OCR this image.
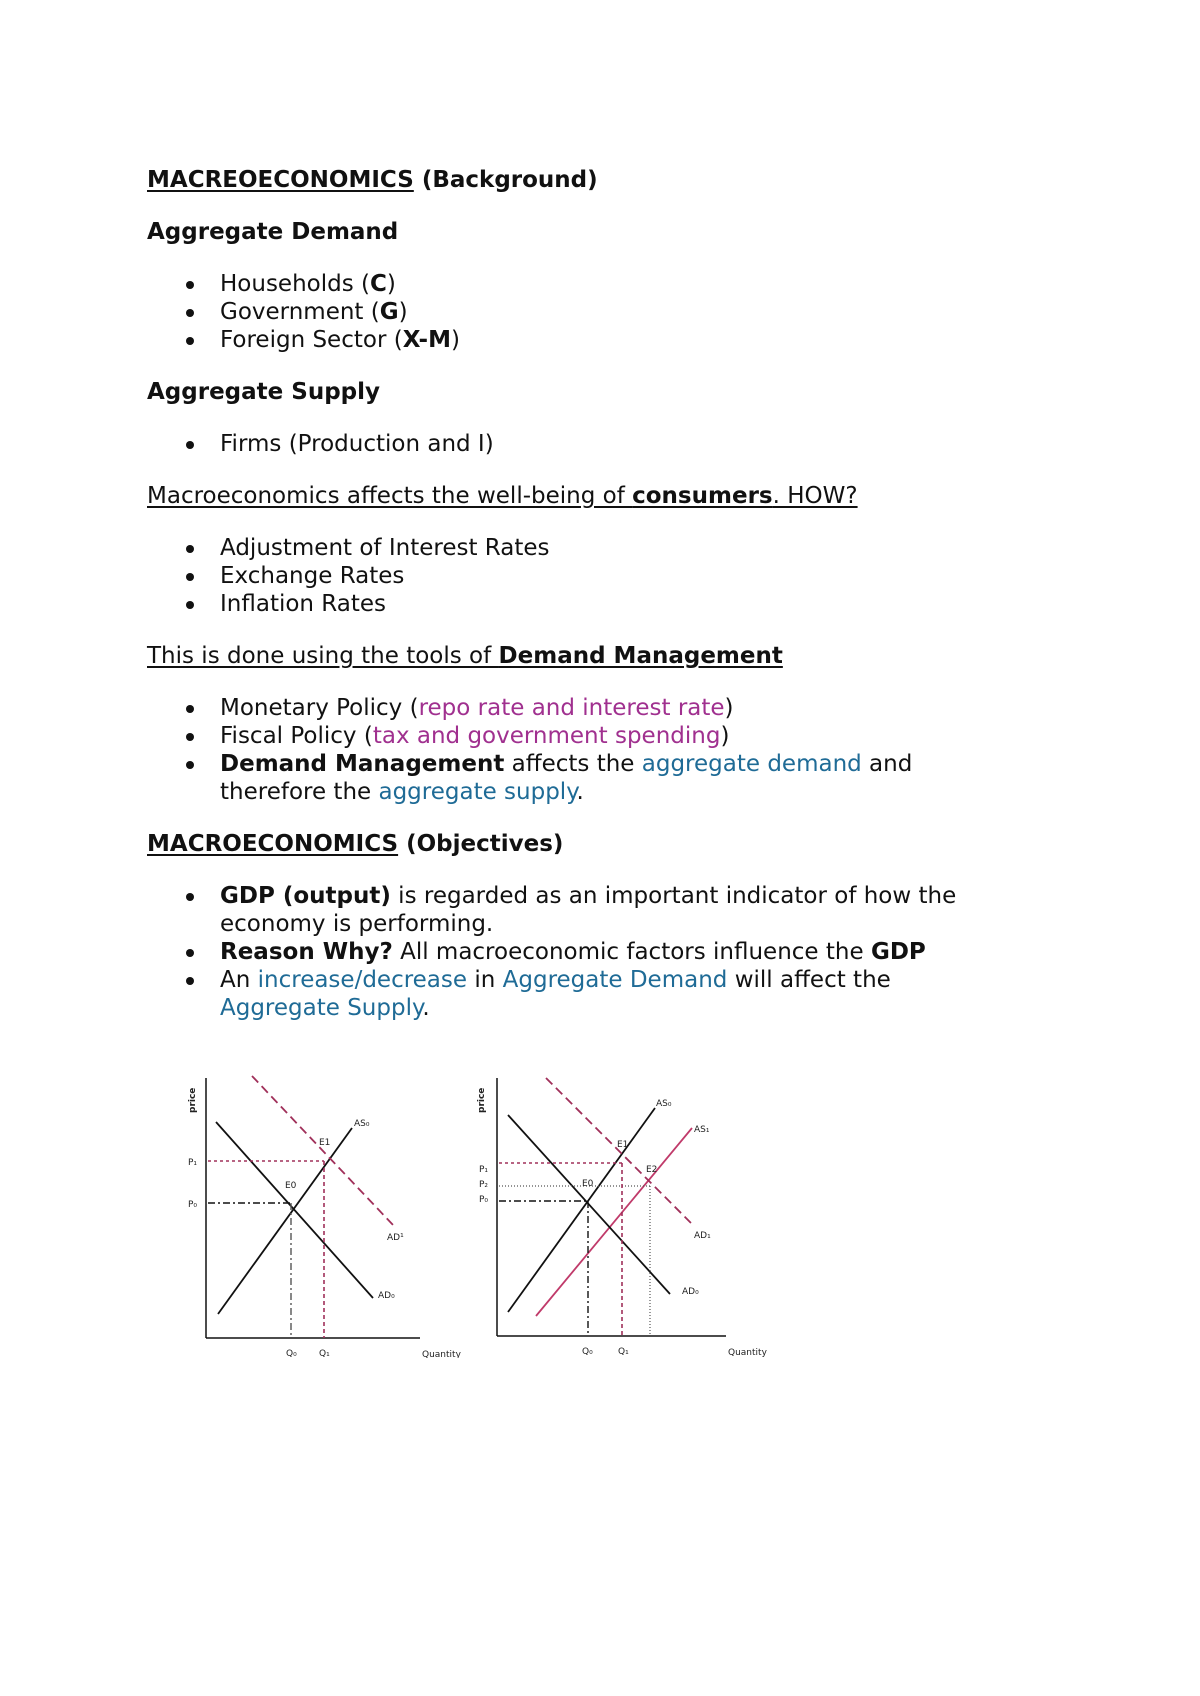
MACREOECONOMICS (Background)

Aggregate Demand

Households (C)
Government (G)
Foreign Sector (X-M)

Aggregate Supply

Firms (Production and I)

Macroeconomics affects the well-being of consumers. HOW?

Adjustment of Interest Rates
Exchange Rates
Inflation Rates

This is done using the tools of Demand Management

Monetary Policy (repo rate and interest rate)
Fiscal Policy (tax and government spending)
Demand Management affects the aggregate demand and
therefore the aggregate supply.

MACROECONOMICS (Objectives)

GDP (output) is regarded as an important indicator of how the
economy is performing.
Reason Why? All macroeconomic factors influence the GDP
An increase/decrease in Aggregate Demand will affect the
Aggregate Supply.
price
Quantity
P₁
P₀
Q₀ Q₁
E0
E1
AS₀
AD¹
AD₀
price
Quantity
P₁
P₂
P₀
Q₀	Q₁
E0
E1
E2
AS₀
AS₁
AD₁
AD₀
